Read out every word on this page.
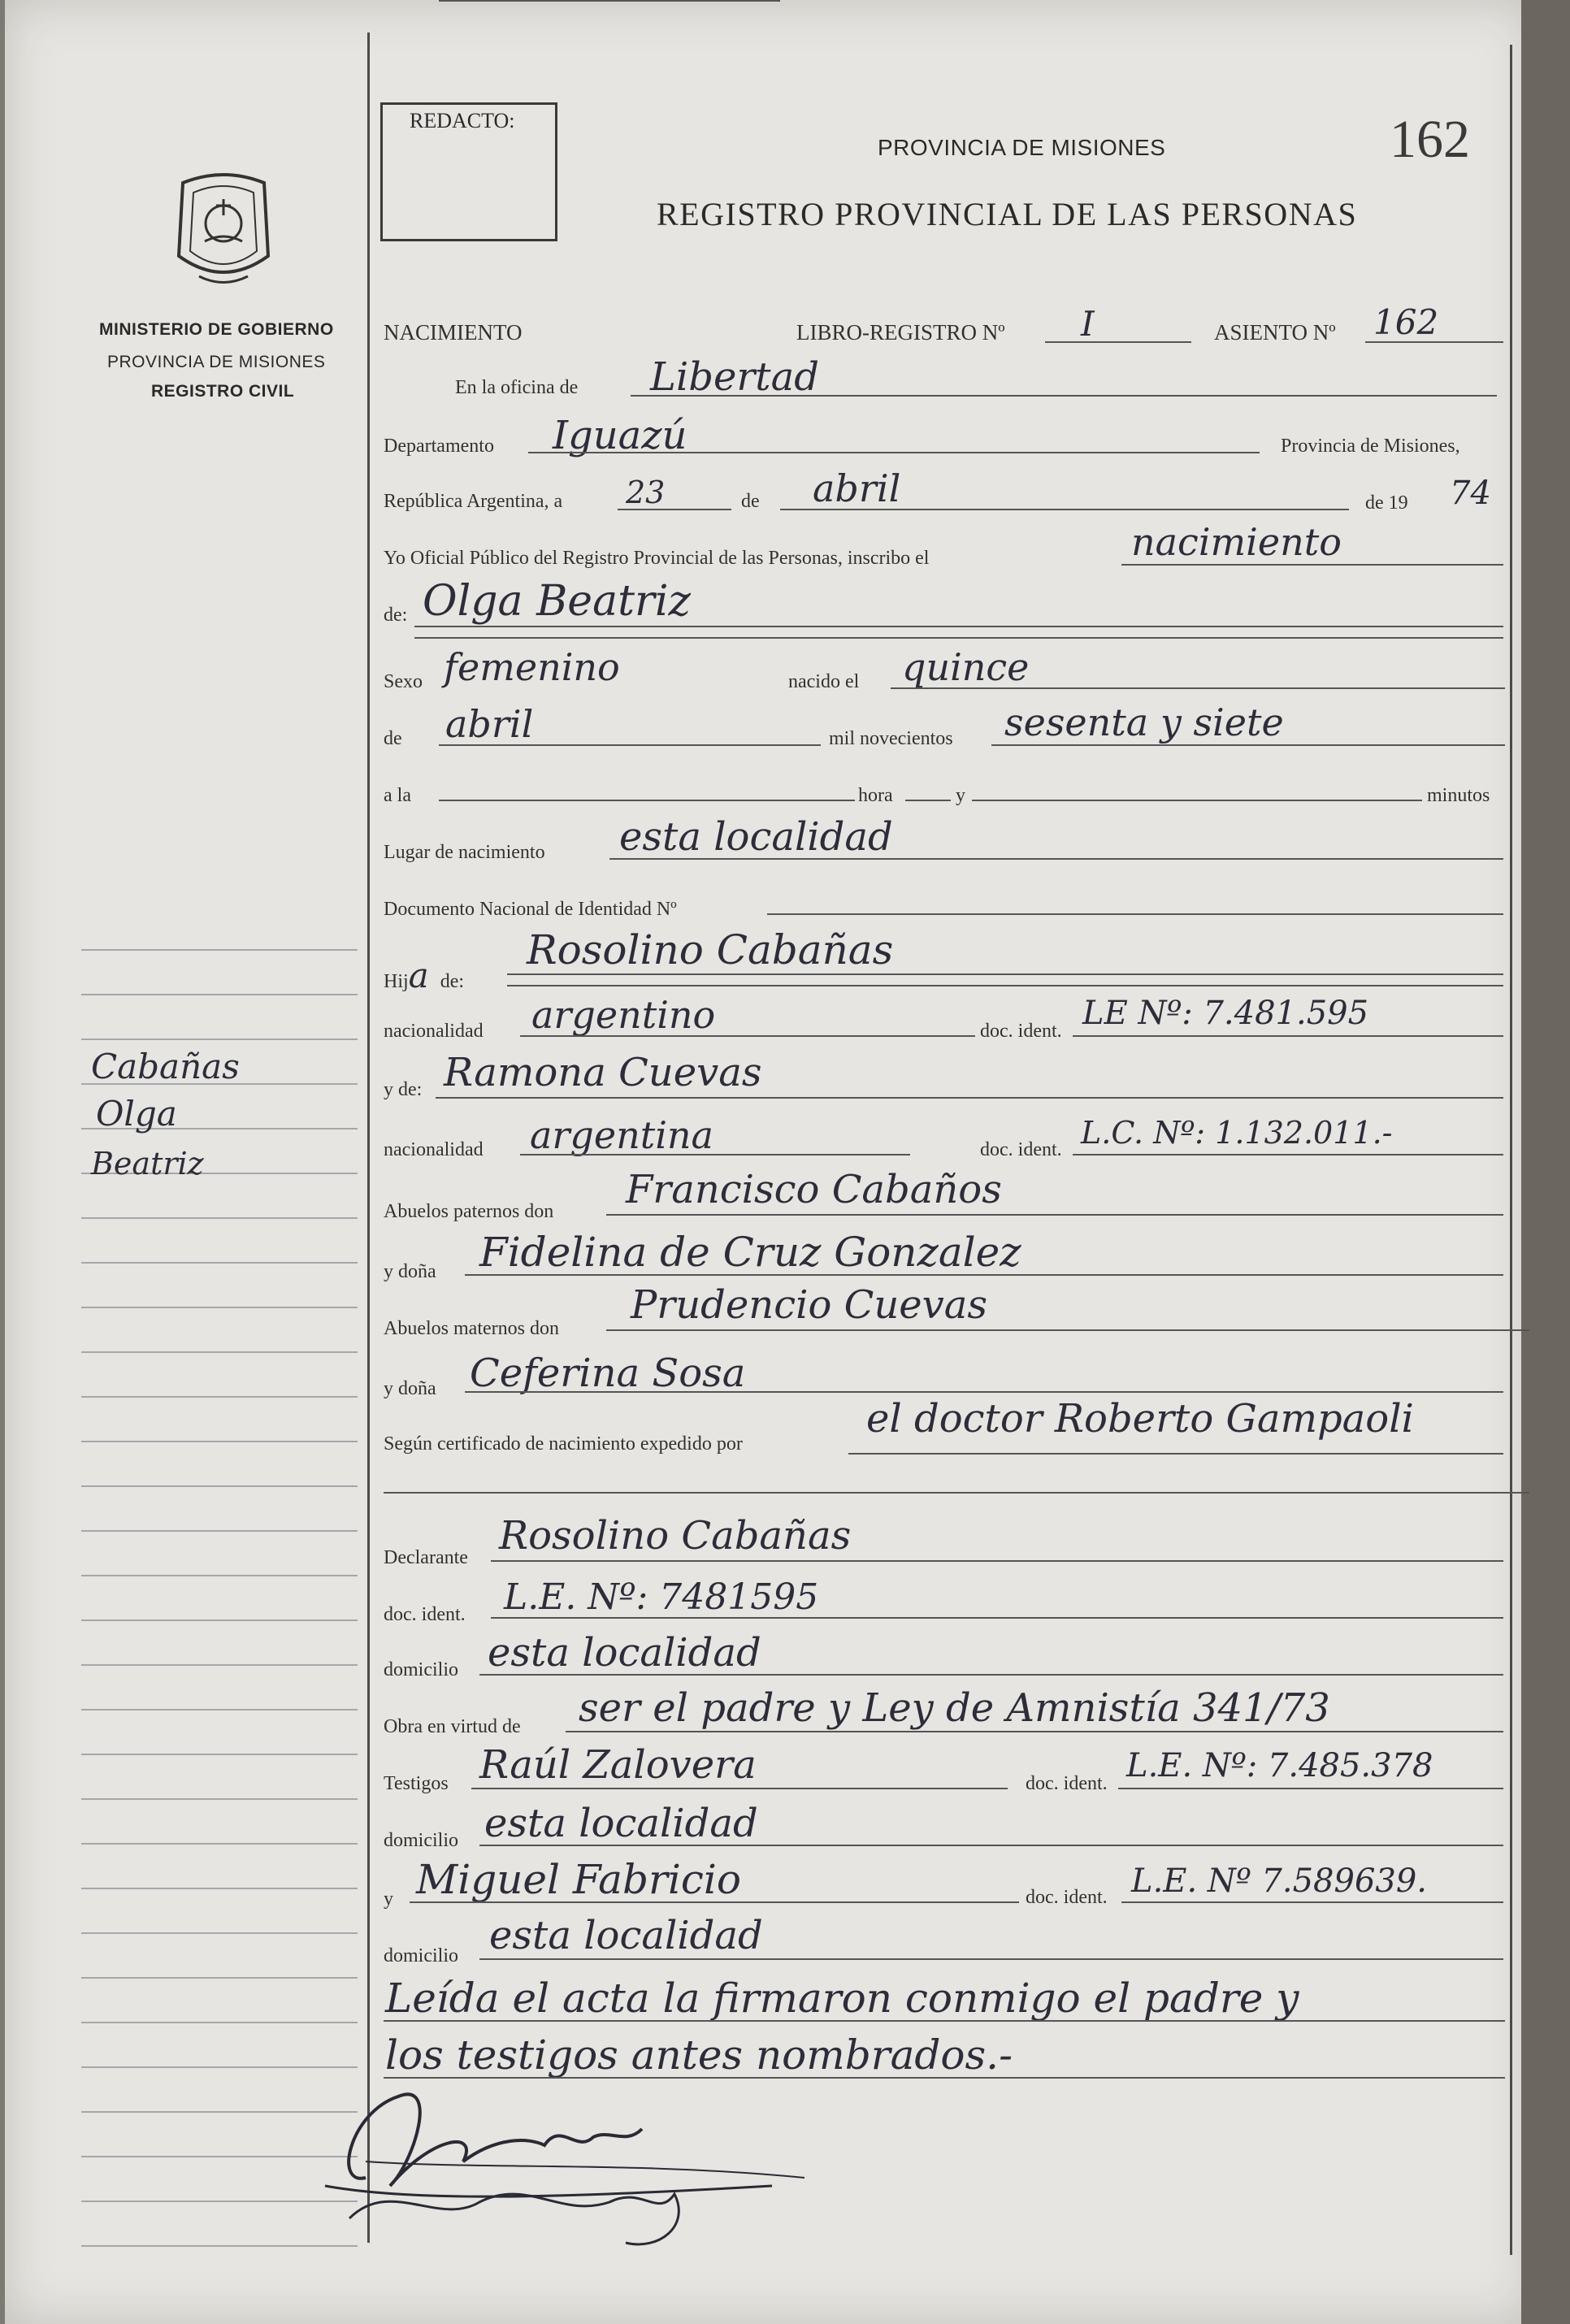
REDACTO:
PROVINCIA DE MISIONES
REGISTRO PROVINCIAL DE LAS PERSONAS
162
MINISTERIO DE GOBIERNO
PROVINCIA DE MISIONES
REGISTRO CIVIL
Cabañas
Olga
Beatriz
NACIMIENTO	LIBRO-REGISTRO Nº I	ASIENTO Nº 162
En la oficina de Libertad
Departamento Iguazú	Provincia de Misiones,
República Argentina, a 23	de abril	de 19 74
Yo Oficial Público del Registro Provincial de las Personas, inscribo el	nacimiento
de: Olga Beatriz
Sexo femenino	nacido el quince
de abril	mil novecientos sesenta y siete
a la	hora	y	minutos
Lugar de nacimiento esta localidad
Documento Nacional de Identidad Nº
Hija de:
Rosolino Cabañas
nacionalidad argentino	doc. ident. LE Nº: 7.481.595
y de: Ramona Cuevas
nacionalidad argentina	doc. ident. L.C. Nº: 1.132.011.-
Abuelos paternos don Francisco Cabaños
y doña Fidelina de Cruz Gonzalez
Abuelos maternos don
Prudencio Cuevas
y doña Ceferina Sosa
Según certificado de nacimiento expedido por
el doctor Roberto Gampaoli
Declarante Rosolino Cabañas
doc. ident. L.E. Nº: 7481595
domicilio esta localidad
Obra en virtud de ser el padre y Ley de Amnistía 341/73
Testigos Raúl Zalovera	doc. ident. L.E. Nº: 7.485.378
domicilio esta localidad
y Miguel Fabricio	doc. ident. L.E. Nº 7.589639.
domicilio esta localidad
Leída el acta la firmaron conmigo el padre y
los testigos antes nombrados.-
